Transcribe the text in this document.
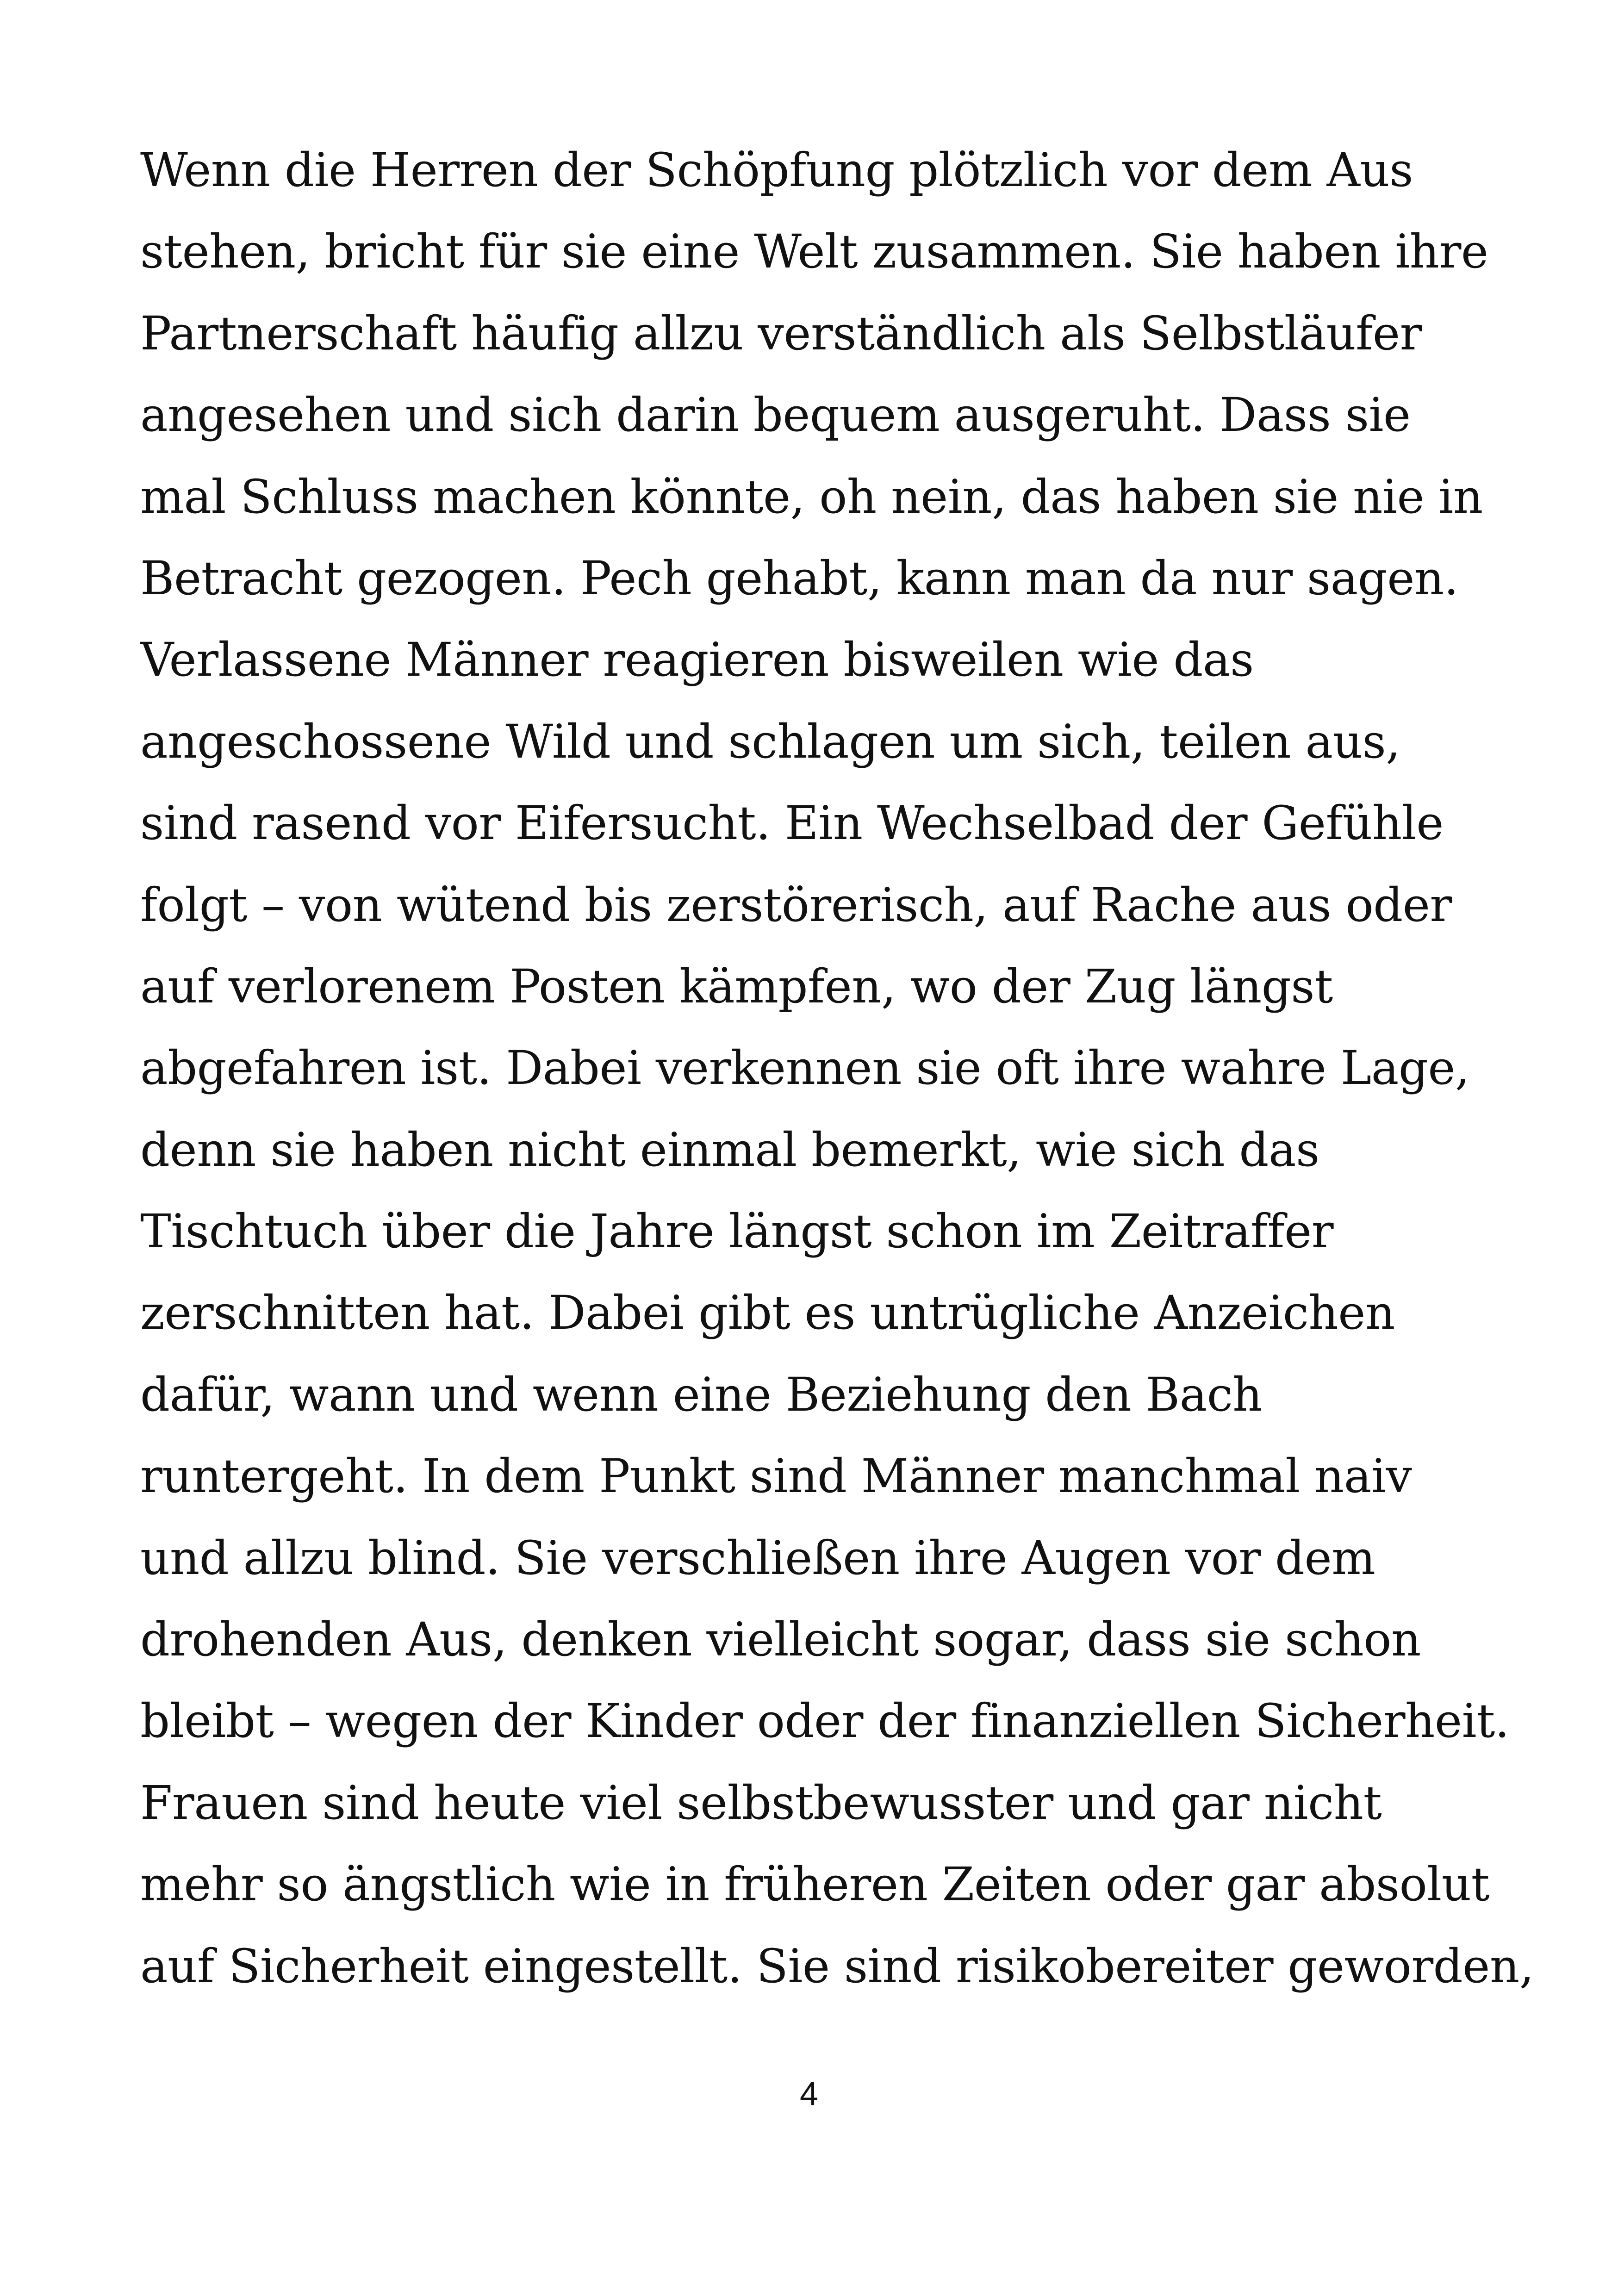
Wenn die Herren der Schöpfung plötzlich vor dem Aus
stehen, bricht für sie eine Welt zusammen. Sie haben ihre
Partnerschaft häufig allzu verständlich als Selbstläufer
angesehen und sich darin bequem ausgeruht. Dass sie
mal Schluss machen könnte, oh nein, das haben sie nie in
Betracht gezogen. Pech gehabt, kann man da nur sagen.
Verlassene Männer reagieren bisweilen wie das
angeschossene Wild und schlagen um sich, teilen aus,
sind rasend vor Eifersucht. Ein Wechselbad der Gefühle
folgt – von wütend bis zerstörerisch, auf Rache aus oder
auf verlorenem Posten kämpfen, wo der Zug längst
abgefahren ist. Dabei verkennen sie oft ihre wahre Lage,
denn sie haben nicht einmal bemerkt, wie sich das
Tischtuch über die Jahre längst schon im Zeitraffer
zerschnitten hat. Dabei gibt es untrügliche Anzeichen
dafür, wann und wenn eine Beziehung den Bach
runtergeht. In dem Punkt sind Männer manchmal naiv
und allzu blind. Sie verschließen ihre Augen vor dem
drohenden Aus, denken vielleicht sogar, dass sie schon
bleibt – wegen der Kinder oder der finanziellen Sicherheit.
Frauen sind heute viel selbstbewusster und gar nicht
mehr so ängstlich wie in früheren Zeiten oder gar absolut
auf Sicherheit eingestellt. Sie sind risikobereiter geworden,
4
